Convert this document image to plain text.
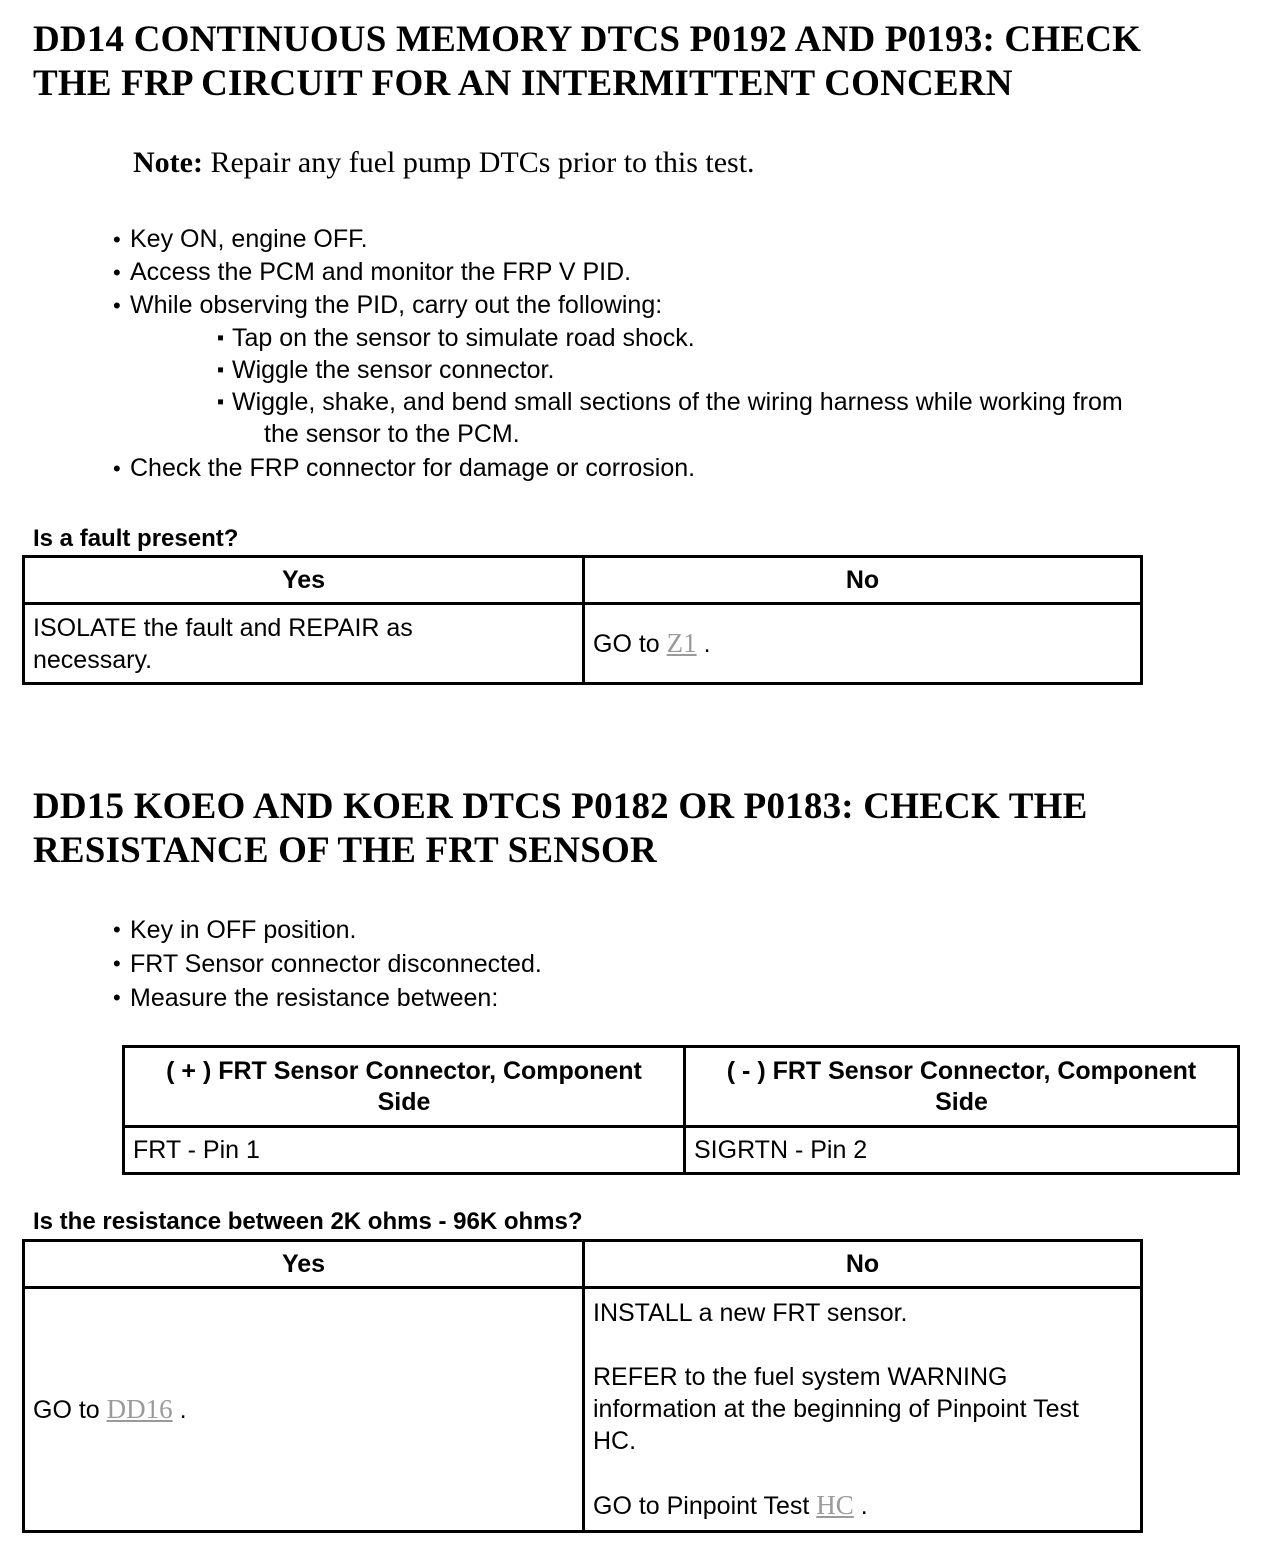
DD14 CONTINUOUS MEMORY DTCS P0192 AND P0193: CHECK
THE FRP CIRCUIT FOR AN INTERMITTENT CONCERN
Note: Repair any fuel pump DTCs prior to this test.
• Key ON, engine OFF.
• Access the PCM and monitor the FRP V PID.
• While observing the PID, carry out the following:
▪ Tap on the sensor to simulate road shock.
▪ Wiggle the sensor connector.
▪ Wiggle, shake, and bend small sections of the wiring harness while working from
the sensor to the PCM.
• Check the FRP connector for damage or corrosion.
Is a fault present?
Yes	No

ISOLATE the fault and REPAIR as
necessary.	GO to Z1 .
DD15 KOEO AND KOER DTCS P0182 OR P0183: CHECK THE
RESISTANCE OF THE FRT SENSOR
• Key in OFF position.
• FRT Sensor connector disconnected.
• Measure the resistance between:
( + ) FRT Sensor Connector, Component
Side	( - ) FRT Sensor Connector, Component
Side

FRT - Pin 1	SIGRTN - Pin 2
Is the resistance between 2K ohms - 96K ohms?
Yes	No
GO to DD16 .	INSTALL a new FRT sensor.
REFER to the fuel system WARNING
information at the beginning of Pinpoint Test
HC.
GO to Pinpoint Test HC .
